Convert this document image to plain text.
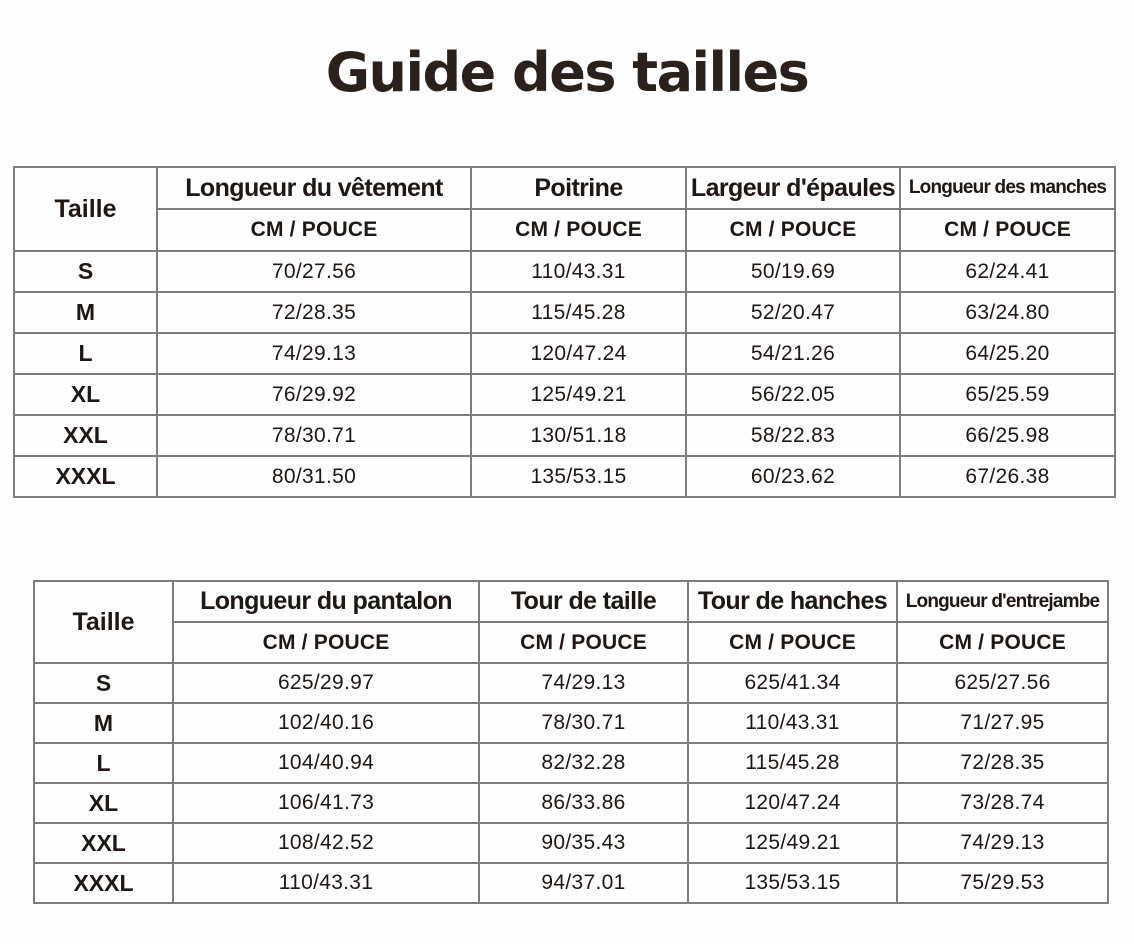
Guide des tailles
Taille	Longueur du vêtement	Poitrine	Largeur d'épaules	Longueur des manches
	CM / POUCE	CM / POUCE	CM / POUCE	CM / POUCE
S	70/27.56	110/43.31	50/19.69	62/24.41
M	72/28.35	115/45.28	52/20.47	63/24.80
L	74/29.13	120/47.24	54/21.26	64/25.20
XL	76/29.92	125/49.21	56/22.05	65/25.59
XXL	78/30.71	130/51.18	58/22.83	66/25.98
XXXL	80/31.50	135/53.15	60/23.62	67/26.38
Taille	Longueur du pantalon	Tour de taille	Tour de hanches	Longueur d'entrejambe
	CM / POUCE	CM / POUCE	CM / POUCE	CM / POUCE
S	625/29.97	74/29.13	625/41.34	625/27.56
M	102/40.16	78/30.71	110/43.31	71/27.95
L	104/40.94	82/32.28	115/45.28	72/28.35
XL	106/41.73	86/33.86	120/47.24	73/28.74
XXL	108/42.52	90/35.43	125/49.21	74/29.13
XXXL	110/43.31	94/37.01	135/53.15	75/29.53
